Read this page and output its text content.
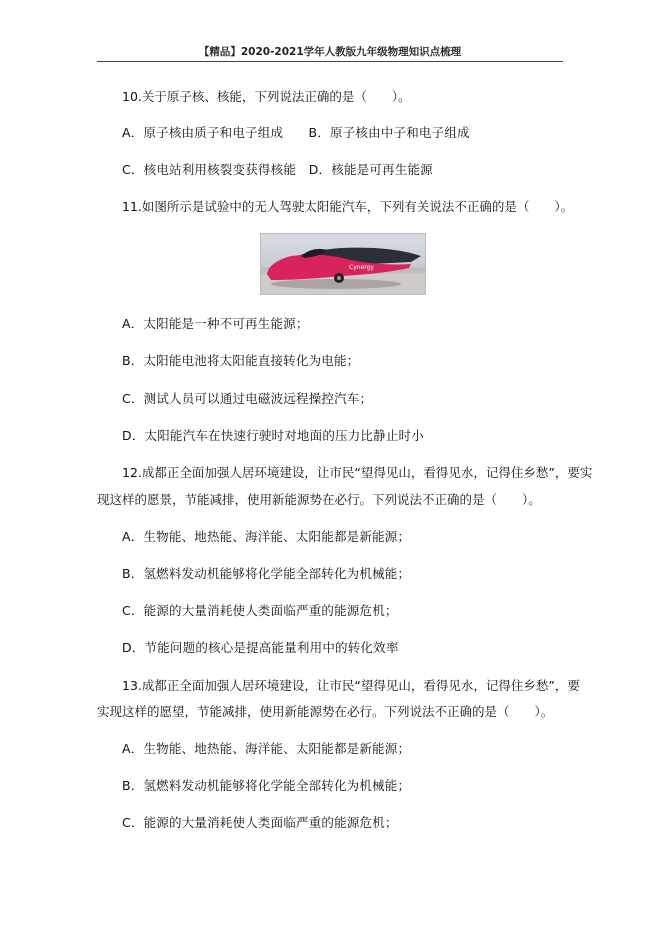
【精品】2020-2021学年人教版九年级物理知识点梳理
10.关于原子核、核能，下列说法正确的是（　　）。
A．原子核由质子和电子组成　　B．原子核由中子和电子组成
C．核电站利用核裂变获得核能　D．核能是可再生能源
11.如图所示是试验中的无人驾驶太阳能汽车，下列有关说法不正确的是（　　）。
Cynergy
A．太阳能是一种不可再生能源；
B．太阳能电池将太阳能直接转化为电能；
C．测试人员可以通过电磁波远程操控汽车；
D．太阳能汽车在快速行驶时对地面的压力比静止时小
12.成都正全面加强人居环境建设，让市民“望得见山，看得见水，记得住乡愁”，要实
现这样的愿景，节能减排，使用新能源势在必行。下列说法不正确的是（　　）。
A．生物能、地热能、海洋能、太阳能都是新能源；
B．氢燃料发动机能够将化学能全部转化为机械能；
C．能源的大量消耗使人类面临严重的能源危机；
D．节能问题的核心是提高能量利用中的转化效率
13.成都正全面加强人居环境建设，让市民“望得见山，看得见水，记得住乡愁”，要
实现这样的愿望，节能减排，使用新能源势在必行。下列说法不正确的是（　　）。
A．生物能、地热能、海洋能、太阳能都是新能源；
B．氢燃料发动机能够将化学能全部转化为机械能；
C．能源的大量消耗使人类面临严重的能源危机；
